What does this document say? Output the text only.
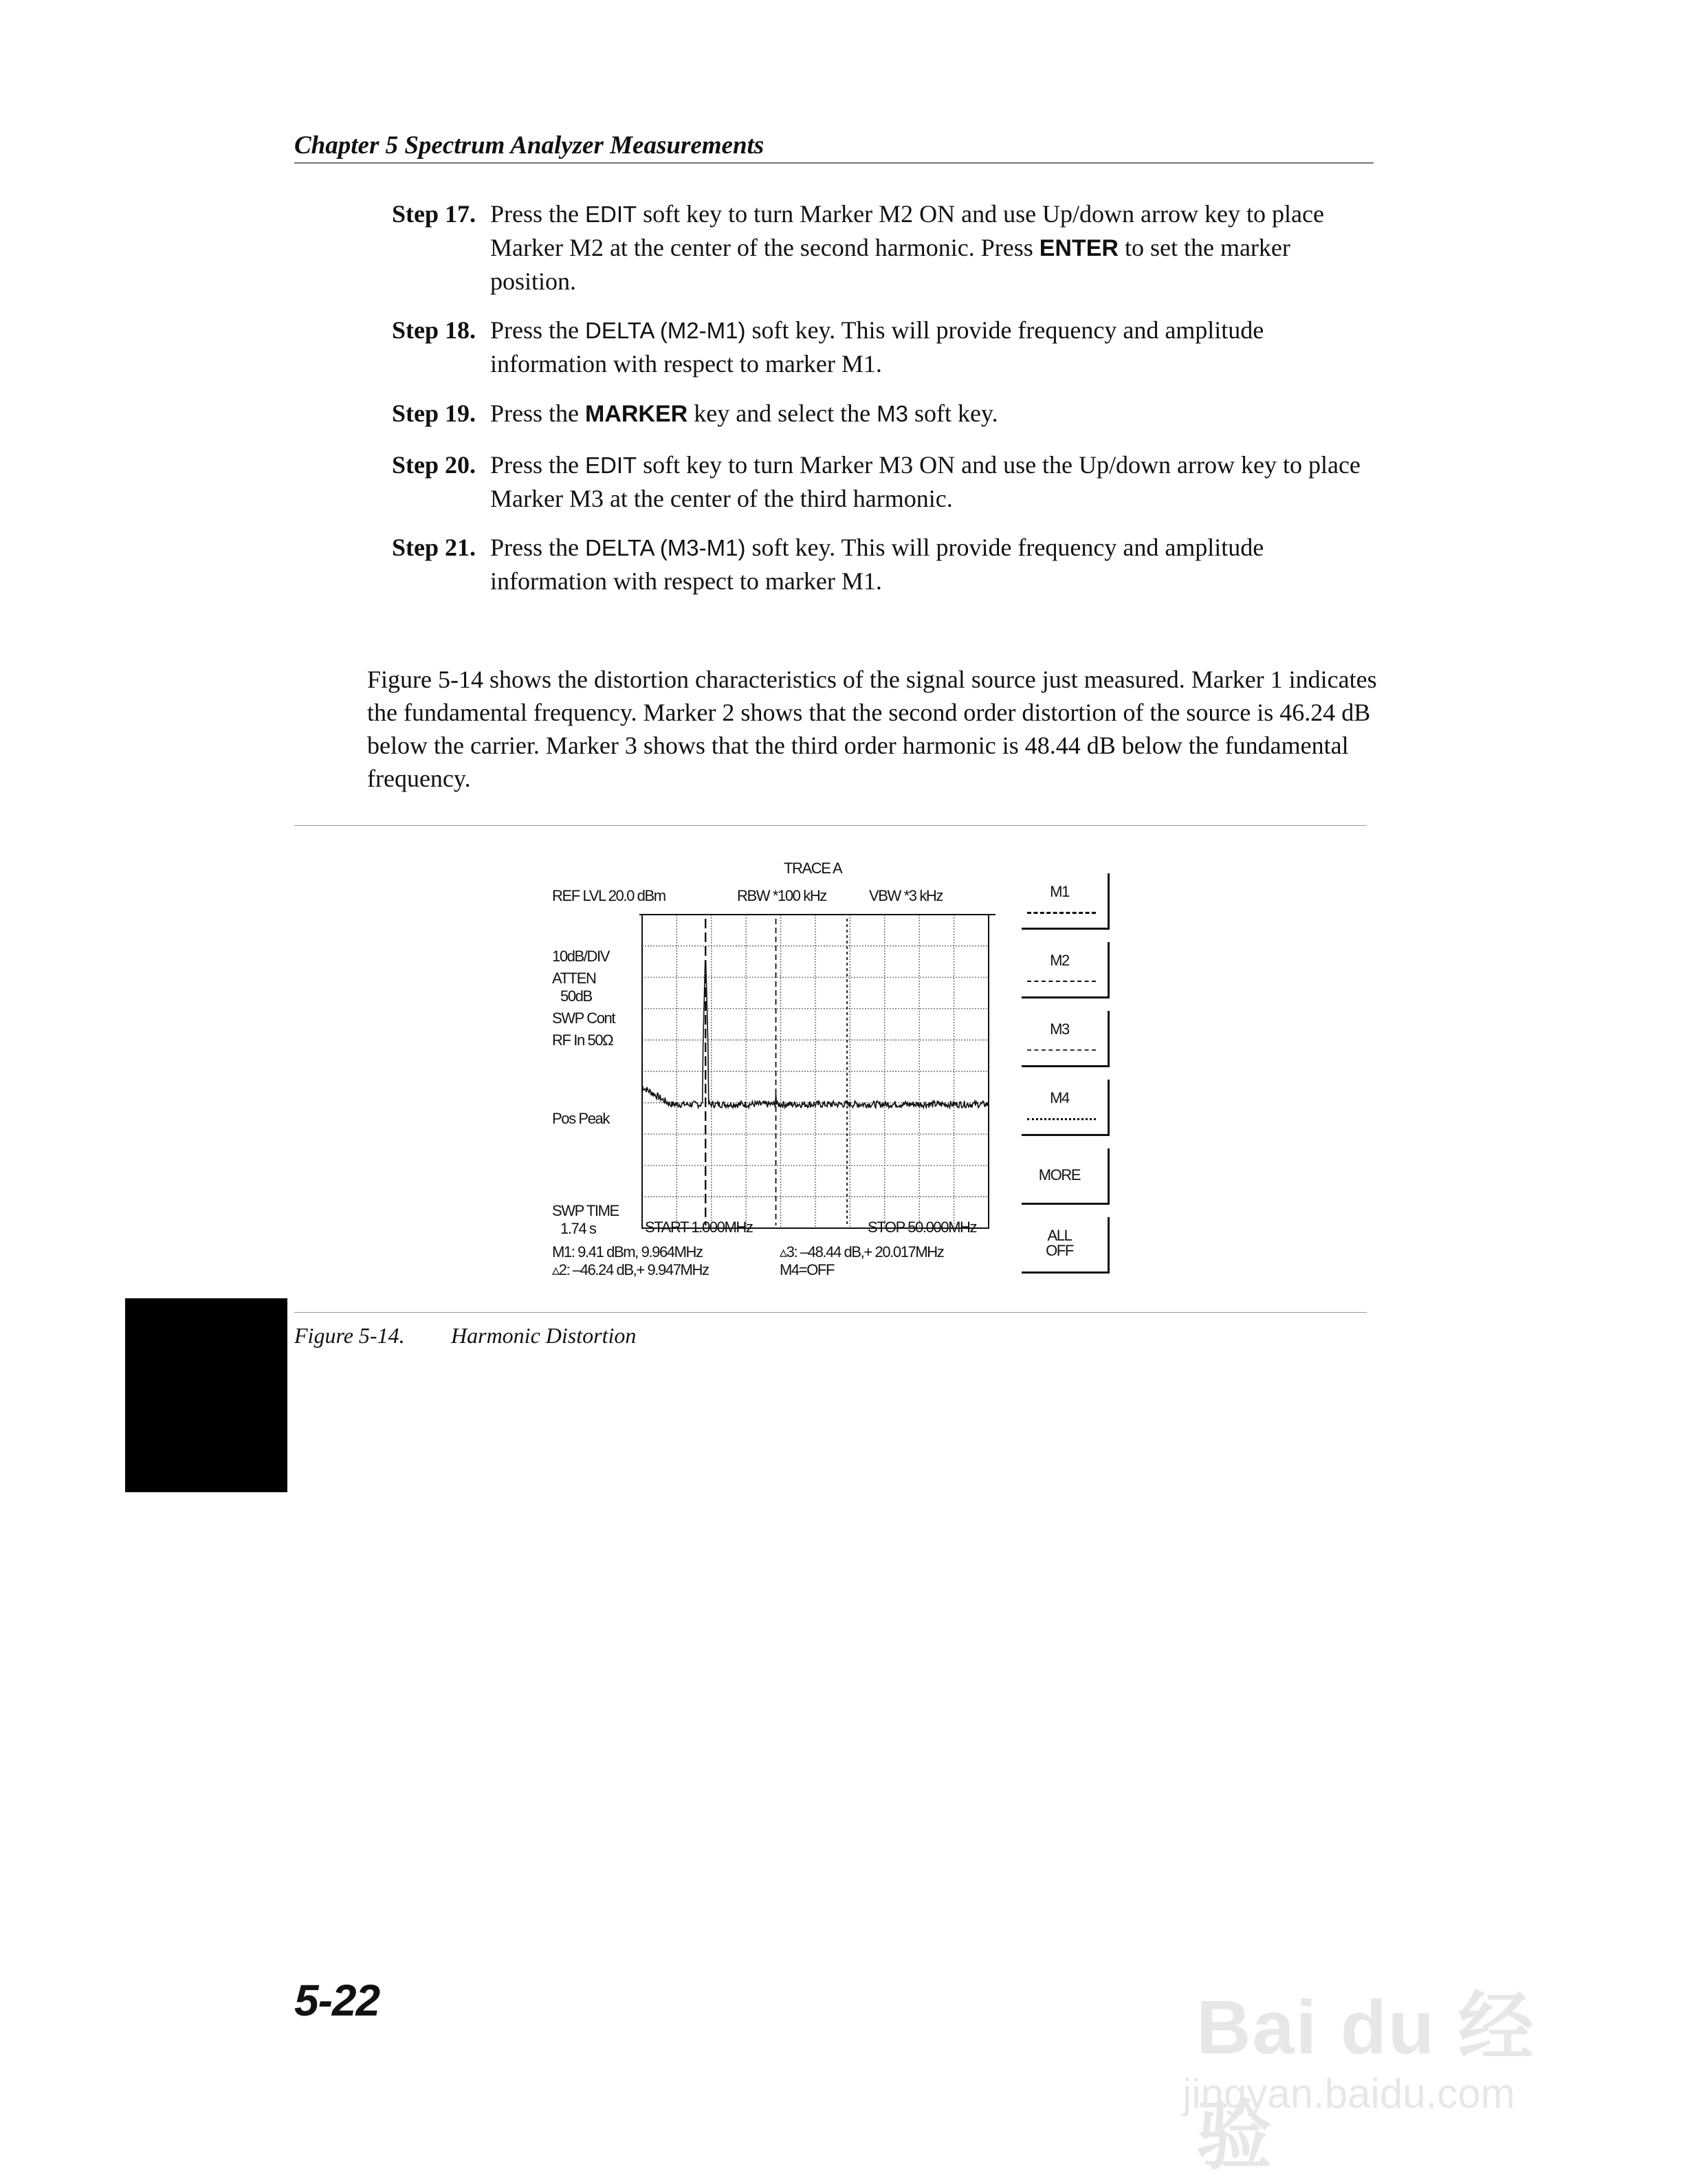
Chapter 5 Spectrum Analyzer Measurements
Step 17. Press the EDIT soft key to turn Marker M2 ON and use Up/down arrow key to place Marker M2 at the center of the second harmonic. Press ENTER to set the marker position.
Step 18. Press the DELTA (M2-M1) soft key. This will provide frequency and amplitude information with respect to marker M1.
Step 19. Press the MARKER key and select the M3 soft key.
Step 20. Press the EDIT soft key to turn Marker M3 ON and use the Up/down arrow key to place Marker M3 at the center of the third harmonic.
Step 21. Press the DELTA (M3-M1) soft key. This will provide frequency and amplitude information with respect to marker M1.
Figure 5-14 shows the distortion characteristics of the signal source just measured. Marker 1 indicates the fundamental frequency. Marker 2 shows that the second order distortion of the source is 46.24 dB below the carrier. Marker 3 shows that the third order harmonic is 48.44 dB below the fundamental frequency.
TRACE A
REF LVL 20.0 dBm	RBW *100 kHz	VBW *3 kHz
10dB/DIV
ATTEN
50dB
SWP Cont
RF In 50Ω
Pos Peak
SWP TIME
1.74 s	START 1.000MHz	STOP 50.000MHz
M1: 9.41 dBm, 9.964MHz
▵2: –46.24 dB,+ 9.947MHz
▵3: –48.44 dB,+ 20.017MHz
M4=OFF
M1
M2
M3
M4
MORE
ALL
OFF
Figure 5-14. Harmonic Distortion
5-22	Bai du 经验
jingyan.baidu.com
